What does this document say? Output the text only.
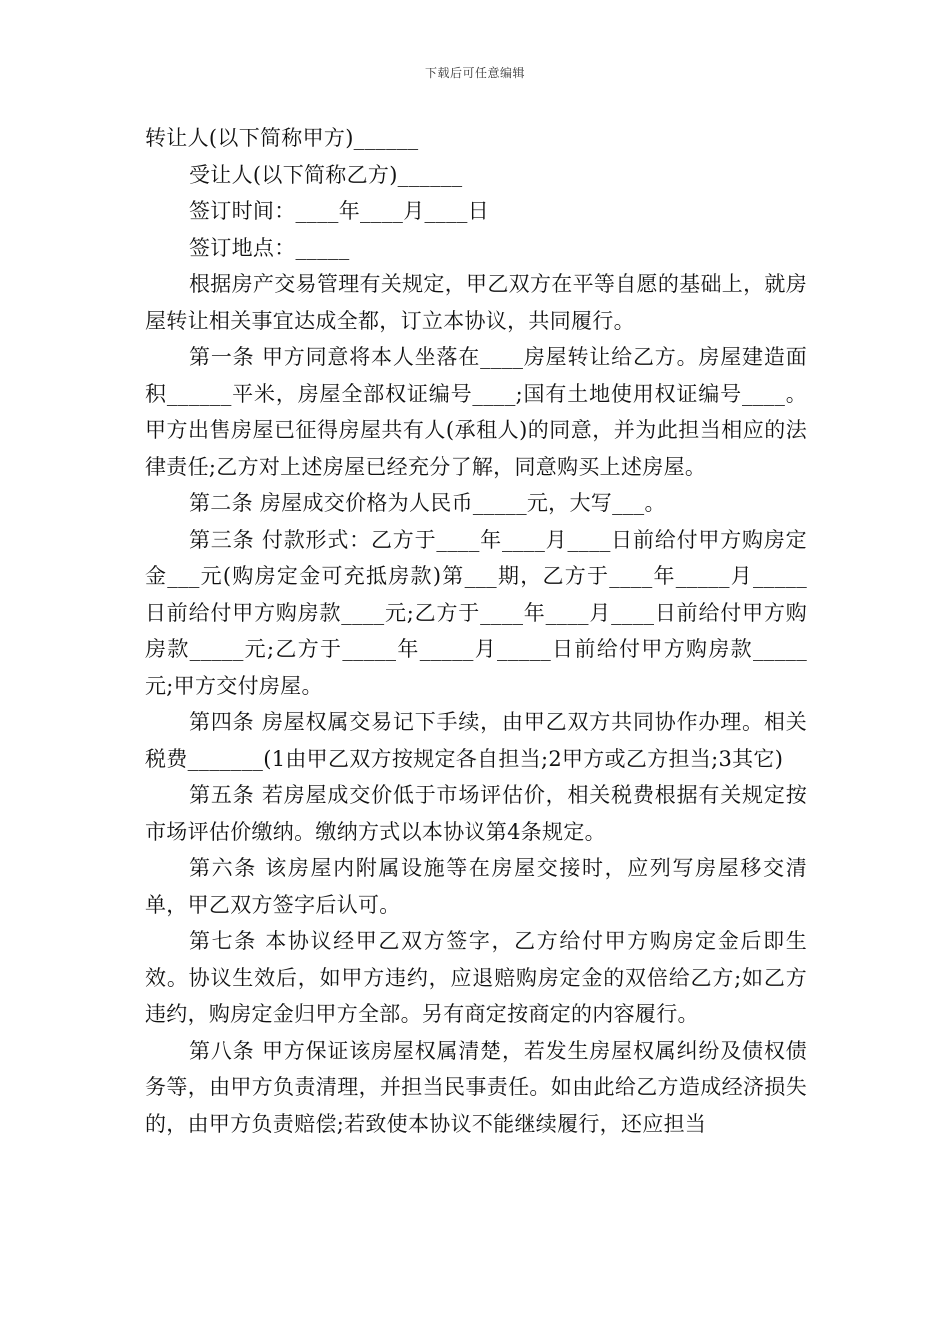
下载后可任意编辑

转让人(以下简称甲方)______

受让人(以下简称乙方)______

签订时间：____年____月____日

签订地点：_____

根据房产交易管理有关规定，甲乙双方在平等自愿的基础上，就房屋转让相关事宜达成全都，订立本协议，共同履行。

第一条 甲方同意将本人坐落在____房屋转让给乙方。房屋建造面积______平米，房屋全部权证编号____;国有土地使用权证编号____。甲方出售房屋已征得房屋共有人(承租人)的同意，并为此担当相应的法律责任;乙方对上述房屋已经充分了解，同意购买上述房屋。

第二条 房屋成交价格为人民币_____元，大写___。

第三条 付款形式：乙方于____年____月____日前给付甲方购房定金___元(购房定金可充抵房款)第___期，乙方于____年_____月_____ 日前给付甲方购房款____元;乙方于____年____月____日前给付甲方购房款_____元;乙方于_____年_____月_____日前给付甲方购房款_____元;甲方交付房屋。

第四条 房屋权属交易记下手续，由甲乙双方共同协作办理。相关税费_______(1由甲乙双方按规定各自担当;2甲方或乙方担当;3其它)

第五条 若房屋成交价低于市场评估价，相关税费根据有关规定按市场评估价缴纳。缴纳方式以本协议第4条规定。

第六条 该房屋内附属设施等在房屋交接时，应列写房屋移交清单，甲乙双方签字后认可。

第七条 本协议经甲乙双方签字，乙方给付甲方购房定金后即生效。协议生效后，如甲方违约，应退赔购房定金的双倍给乙方;如乙方违约，购房定金归甲方全部。另有商定按商定的内容履行。

第八条 甲方保证该房屋权属清楚，若发生房屋权属纠纷及债权债务等，由甲方负责清理，并担当民事责任。如由此给乙方造成经济损失的，由甲方负责赔偿;若致使本协议不能继续履行，还应担当
